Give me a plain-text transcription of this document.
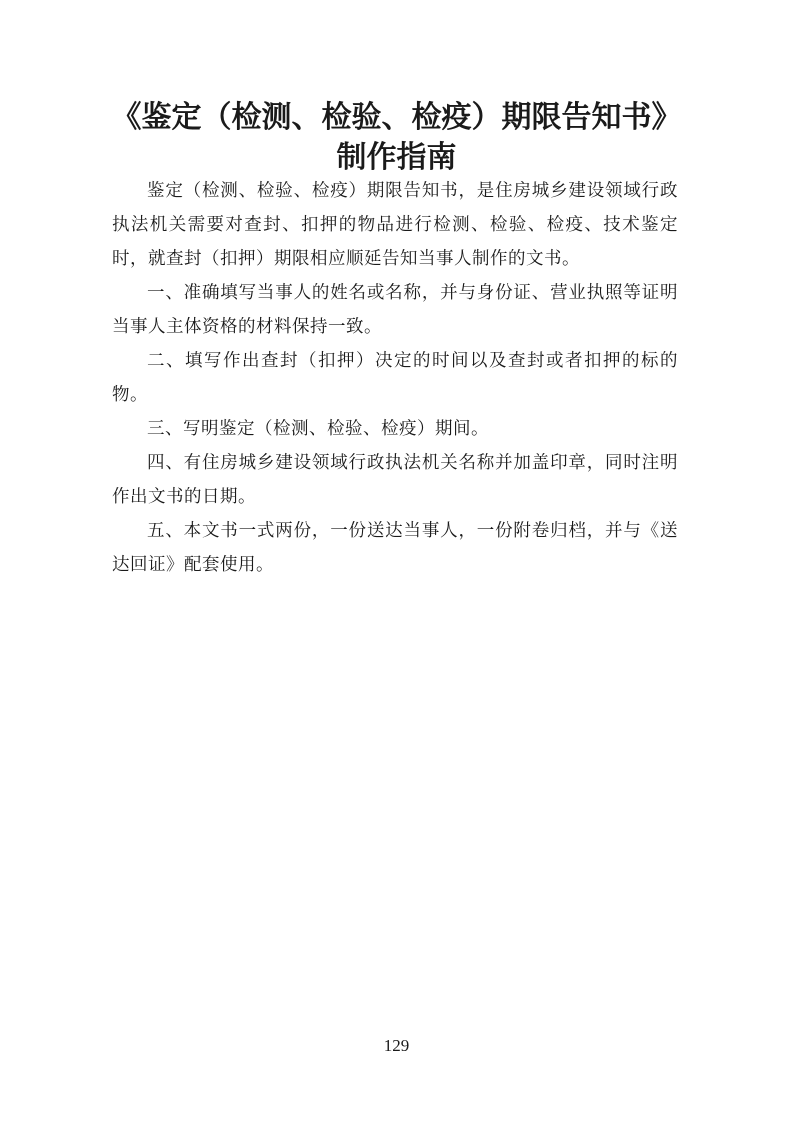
《鉴定（检测、检验、检疫）期限告知书》
制作指南

鉴定（检测、检验、检疫）期限告知书，是住房城乡建设领域行政执法机关需要对查封、扣押的物品进行检测、检验、检疫、技术鉴定时，就查封（扣押）期限相应顺延告知当事人制作的文书。

一、准确填写当事人的姓名或名称，并与身份证、营业执照等证明当事人主体资格的材料保持一致。

二、填写作出查封（扣押）决定的时间以及查封或者扣押的标的物。

三、写明鉴定（检测、检验、检疫）期间。

四、有住房城乡建设领域行政执法机关名称并加盖印章，同时注明作出文书的日期。

五、本文书一式两份，一份送达当事人，一份附卷归档，并与《送达回证》配套使用。

129
